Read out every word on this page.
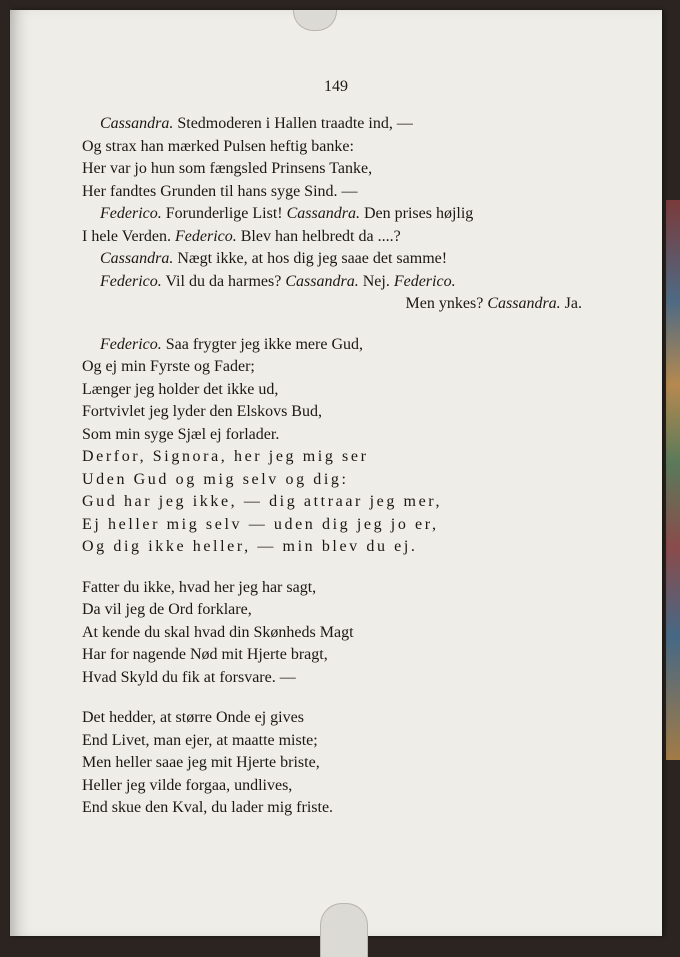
149
Cassandra. Stedmoderen i Hallen traadte ind, —
Og strax han mærked Pulsen heftig banke:
Her var jo hun som fængsled Prinsens Tanke,
Her fandtes Grunden til hans syge Sind. —
Federico. Forunderlige List! Cassandra. Den prises højlig
I hele Verden. Federico. Blev han helbredt da ....?
Cassandra. Nægt ikke, at hos dig jeg saae det samme!
Federico. Vil du da harmes? Cassandra. Nej. Federico.
Men ynkes? Cassandra. Ja.
Federico. Saa frygter jeg ikke mere Gud,
Og ej min Fyrste og Fader;
Længer jeg holder det ikke ud,
Fortvivlet jeg lyder den Elskovs Bud,
Som min syge Sjæl ej forlader.
Derfor, Signora, her jeg mig ser
Uden Gud og mig selv og dig:
Gud har jeg ikke, — dig attraar jeg mer,
Ej heller mig selv — uden dig jeg jo er,
Og dig ikke heller, — min blev du ej.
Fatter du ikke, hvad her jeg har sagt,
Da vil jeg de Ord forklare,
At kende du skal hvad din Skønheds Magt
Har for nagende Nød mit Hjerte bragt,
Hvad Skyld du fik at forsvare. —
Det hedder, at større Onde ej gives
End Livet, man ejer, at maatte miste;
Men heller saae jeg mit Hjerte briste,
Heller jeg vilde forgaa, undlives,
End skue den Kval, du lader mig friste.
